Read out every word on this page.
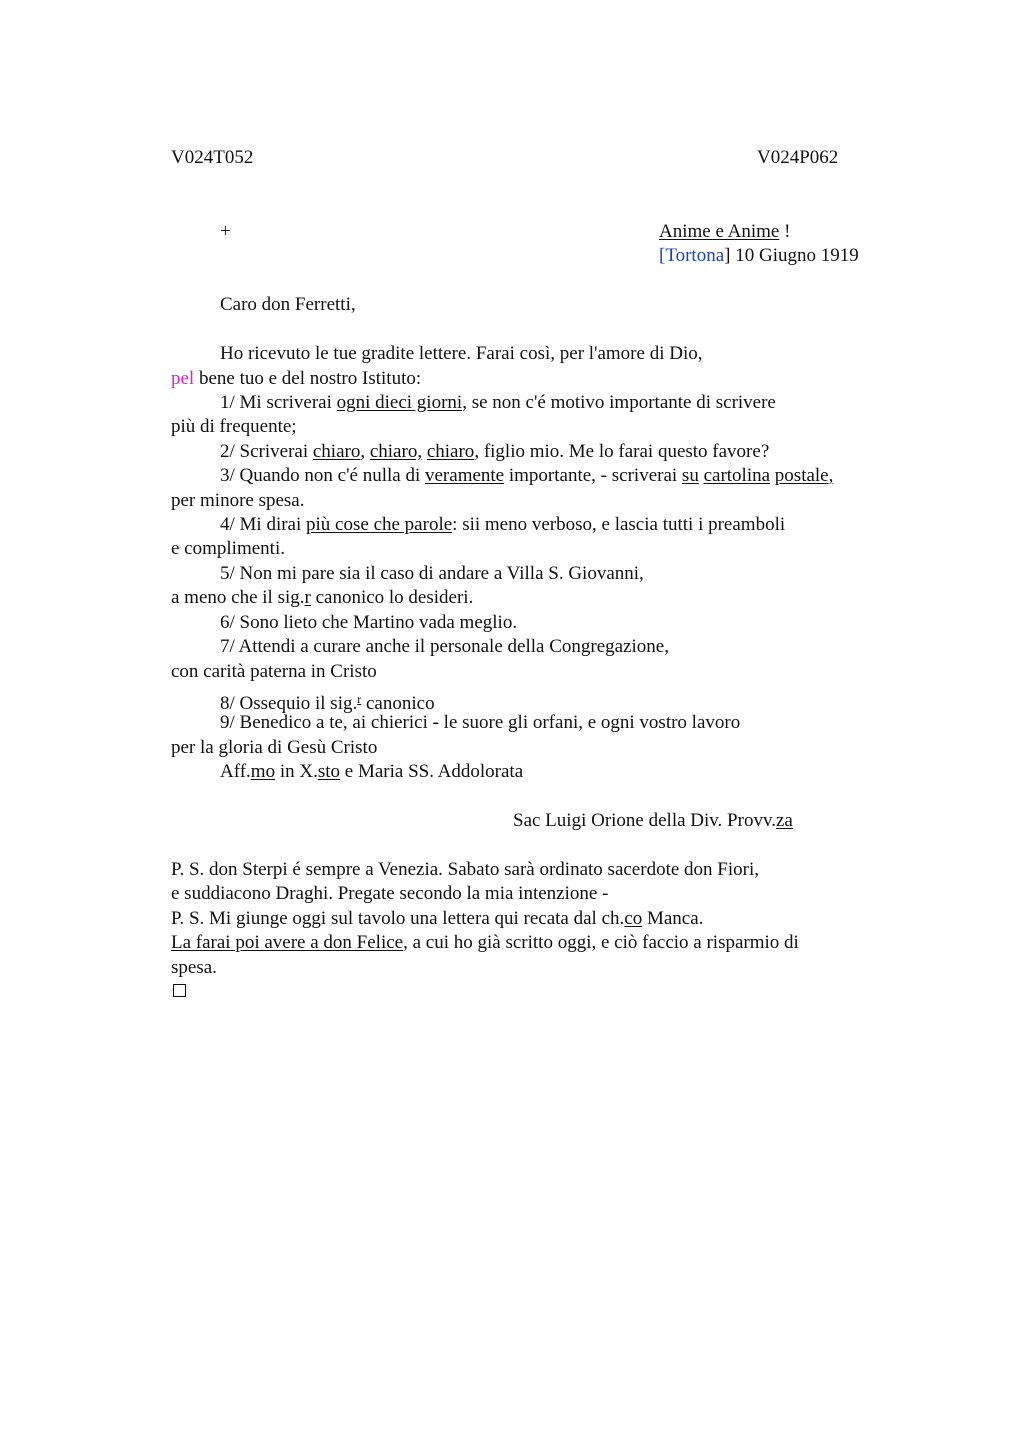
V024T052	V024P062
+	Anime e Anime !
[Tortona] 10 Giugno 1919
Caro don Ferretti,
Ho ricevuto le tue gradite lettere. Farai così, per l'amore di Dio,
pel bene tuo e del nostro Istituto:
1/ Mi scriverai ogni dieci giorni, se non c'é motivo importante di scrivere
più di frequente;
2/ Scriverai chiaro, chiaro, chiaro, figlio mio. Me lo farai questo favore?
3/ Quando non c'é nulla di veramente importante, - scriverai su cartolina postale,
per minore spesa.
4/ Mi dirai più cose che parole: sii meno verboso, e lascia tutti i preamboli
e complimenti.
5/ Non mi pare sia il caso di andare a Villa S. Giovanni,
a meno che il sig.r canonico lo desideri.
6/ Sono lieto che Martino vada meglio.
7/ Attendi a curare anche il personale della Congregazione,
con carità paterna in Cristo
8/ Ossequio il sig.$^r$ canonico
9/ Benedico a te, ai chierici - le suore gli orfani, e ogni vostro lavoro
per la gloria di Gesù Cristo
Aff.mo in X.sto e Maria SS. Addolorata
Sac Luigi Orione della Div. Provv.za
P. S. don Sterpi é sempre a Venezia. Sabato sarà ordinato sacerdote don Fiori,
e suddiacono Draghi. Pregate secondo la mia intenzione -
P. S. Mi giunge oggi sul tavolo una lettera qui recata dal ch.co Manca.
La farai poi avere a don Felice, a cui ho già scritto oggi, e ciò faccio a risparmio di
spesa.
